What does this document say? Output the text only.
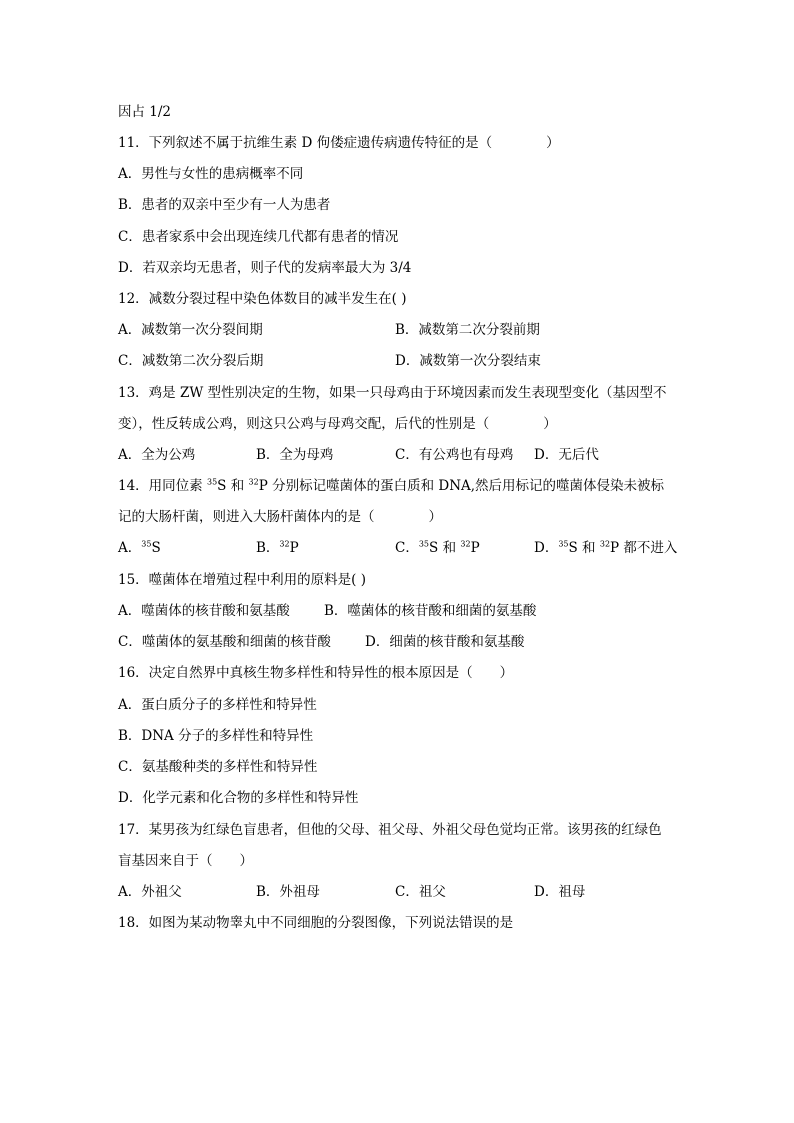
因占 1/2
11．下列叙述不属于抗维生素 D 佝偻症遗传病遗传特征的是（　　　　）
A．男性与女性的患病概率不同
B．患者的双亲中至少有一人为患者
C．患者家系中会出现连续几代都有患者的情况
D．若双亲均无患者，则子代的发病率最大为 3/4
12．减数分裂过程中染色体数目的减半发生在( )
A．减数第一次分裂间期	B．减数第二次分裂前期
C．减数第二次分裂后期	D．减数第一次分裂结束
13．鸡是 ZW 型性别决定的生物，如果一只母鸡由于环境因素而发生表现型变化（基因型不
变），性反转成公鸡，则这只公鸡与母鸡交配，后代的性别是（　　　　）
A．全为公鸡	B．全为母鸡	C．有公鸡也有母鸡 D．无后代
14．用同位素 $^{35}$S 和 $^{32}$P 分别标记噬菌体的蛋白质和 DNA,然后用标记的噬菌体侵染未被标
记的大肠杆菌，则进入大肠杆菌体内的是（　　　　）
A．$^{35}$S	B．$^{32}$P	C．$^{35}$S 和 $^{32}$P	D．$^{35}$S 和 $^{32}$P 都不进入
15．噬菌体在增殖过程中利用的原料是( )
A．噬菌体的核苷酸和氨基酸	B．噬菌体的核苷酸和细菌的氨基酸
C．噬菌体的氨基酸和细菌的核苷酸	D．细菌的核苷酸和氨基酸
16．决定自然界中真核生物多样性和特异性的根本原因是（　　）
A．蛋白质分子的多样性和特异性
B．DNA 分子的多样性和特异性
C．氨基酸种类的多样性和特异性
D．化学元素和化合物的多样性和特异性
17．某男孩为红绿色盲患者，但他的父母、祖父母、外祖父母色觉均正常。该男孩的红绿色
盲基因来自于（　　）
A．外祖父	B．外祖母	C．祖父	D．祖母
18．如图为某动物睾丸中不同细胞的分裂图像，下列说法错误的是
